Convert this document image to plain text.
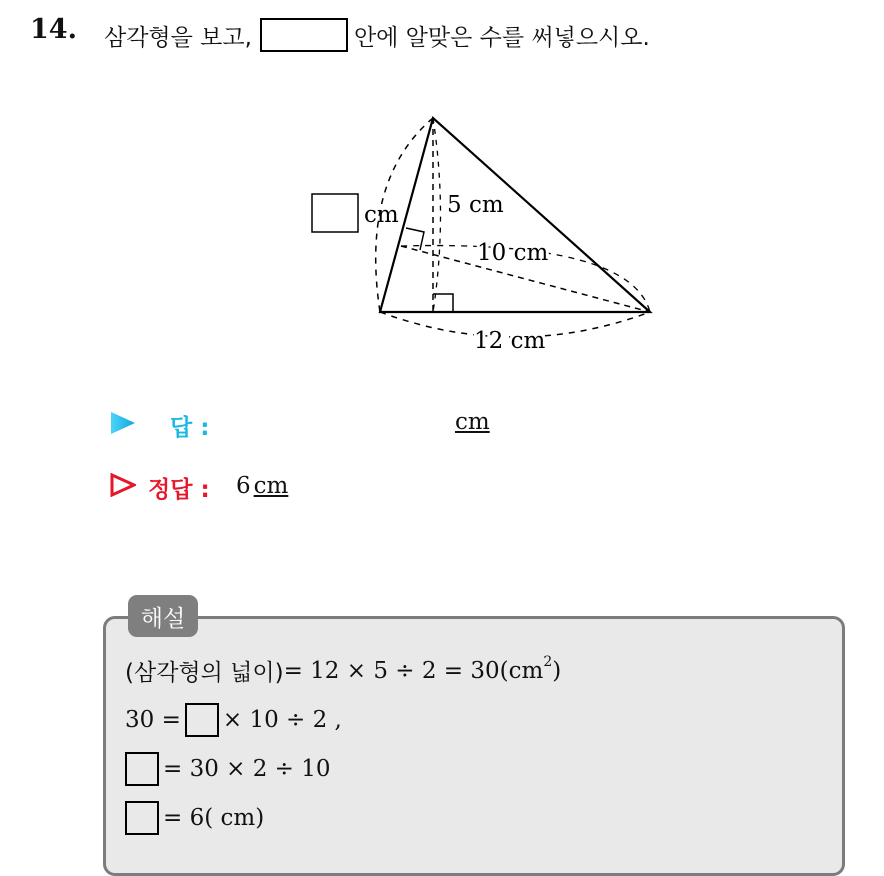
14. 삼각형을 보고,	안에 알맞은 수를 써넣으시오.
cm 5 cm
10 cm
12 cm
답 :	cm
정답 : 6 cm
해설
(삼각형의 넓이) = 12 × 5 ÷ 2 = 30( cm 2 )
30 = × 10 ÷ 2 ,
= 30 × 2 ÷ 10
= 6( cm)
